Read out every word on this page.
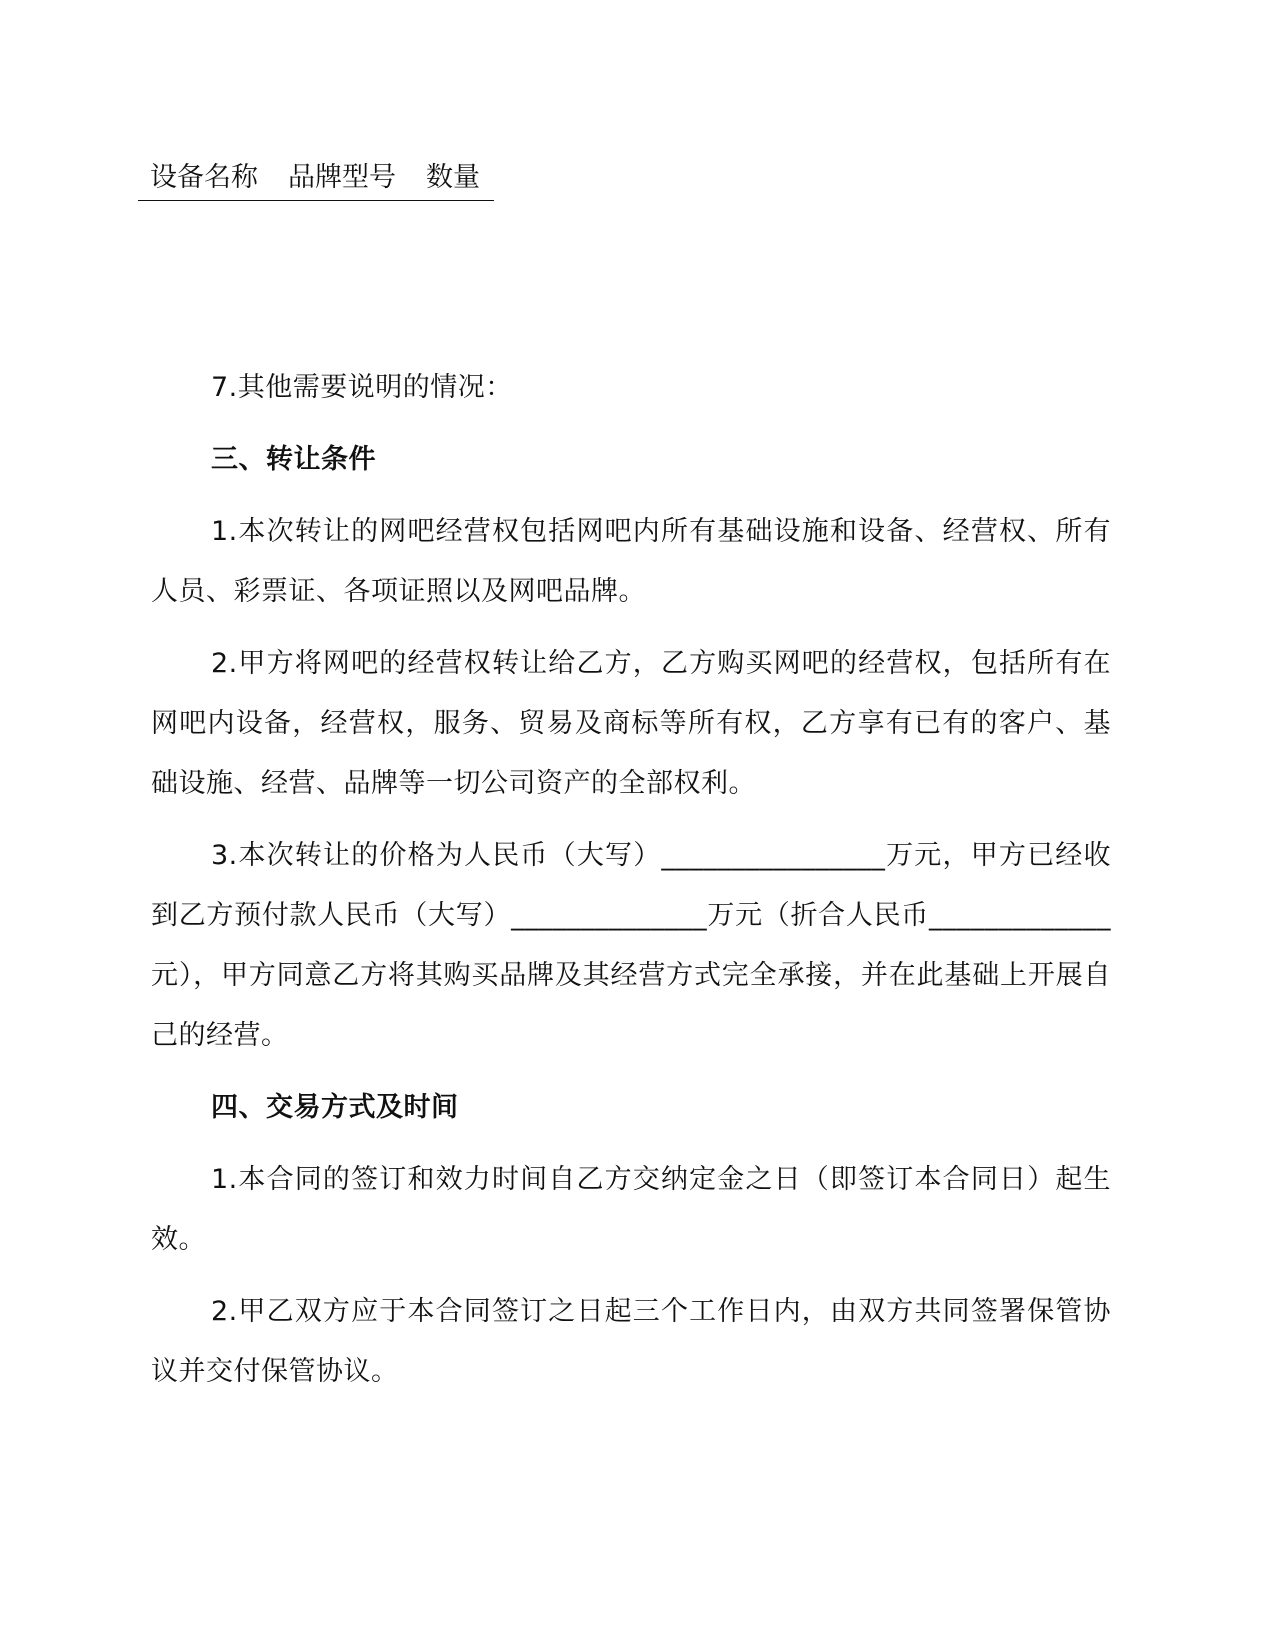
设备名称 品牌型号 数量

7.其他需要说明的情况：

三、转让条件

1.本次转让的网吧经营权包括网吧内所有基础设施和设备、经营权、所有人员、彩票证、各项证照以及网吧品牌。

2.甲方将网吧的经营权转让给乙方，乙方购买网吧的经营权，包括所有在网吧内设备，经营权，服务、贸易及商标等所有权，乙方享有已有的客户、基础设施、经营、品牌等一切公司资产的全部权利。

3.本次转让的价格为人民币（大写）________________万元，甲方已经收到乙方预付款人民币（大写）______________万元（折合人民币_____________元），甲方同意乙方将其购买品牌及其经营方式完全承接，并在此基础上开展自己的经营。

四、交易方式及时间

1.本合同的签订和效力时间自乙方交纳定金之日（即签订本合同日）起生效。

2.甲乙双方应于本合同签订之日起三个工作日内，由双方共同签署保管协议并交付保管协议。
